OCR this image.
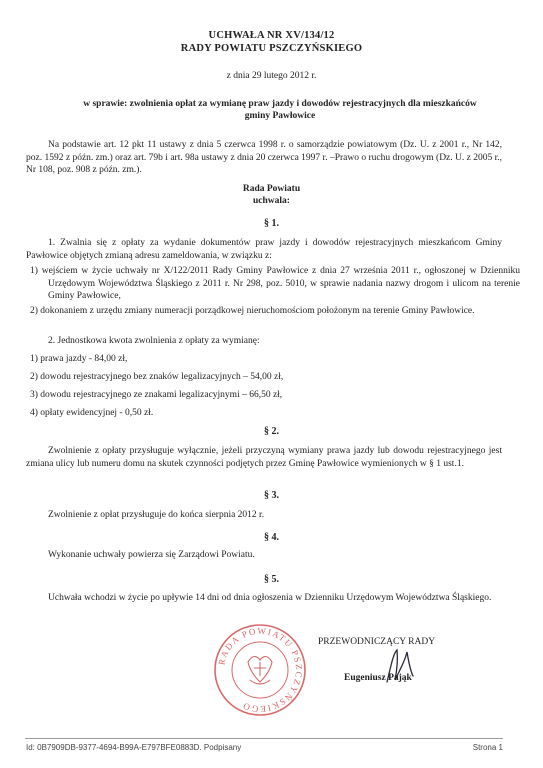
UCHWAŁA NR XV/134/12
RADY POWIATU PSZCZYŃSKIEGO
z dnia 29 lutego 2012 r.
w sprawie: zwolnienia opłat za wymianę praw jazdy i dowodów rejestracyjnych dla mieszkańców gminy Pawłowice
Na podstawie art. 12 pkt 11 ustawy z dnia 5 czerwca 1998 r. o samorządzie powiatowym (Dz. U. z 2001 r., Nr 142, poz. 1592 z późn. zm.) oraz art. 79b i art. 98a ustawy z dnia 20 czerwca 1997 r. –Prawo o ruchu drogowym (Dz. U. z 2005 r., Nr 108, poz. 908 z późn. zm.).
Rada Powiatu
uchwala:
§ 1.
1. Zwalnia się z opłaty za wydanie dokumentów praw jazdy i dowodów rejestracyjnych mieszkańcom Gminy Pawłowice objętych zmianą adresu zameldowania, w związku z:
1) wejściem w życie uchwały nr X/122/2011 Rady Gminy Pawłowice z dnia 27 września 2011 r., ogłoszonej w Dzienniku Urzędowym Województwa Śląskiego z 2011 r. Nr 298, poz. 5010, w sprawie nadania nazwy drogom i ulicom na terenie Gminy Pawłowice,
2) dokonaniem z urzędu zmiany numeracji porządkowej nieruchomościom położonym na terenie Gminy Pawłowice.
2. Jednostkowa kwota zwolnienia z opłaty za wymianę:
1) prawa jazdy - 84,00 zł,
2) dowodu rejestracyjnego bez znaków legalizacyjnych – 54,00 zł,
3) dowodu rejestracyjnego ze znakami legalizacyjnymi – 66,50 zł,
4) opłaty ewidencyjnej - 0,50 zł.
§ 2.
Zwolnienie z opłaty przysługuje wyłącznie, jeżeli przyczyną wymiany prawa jazdy lub dowodu rejestracyjnego jest zmiana ulicy lub numeru domu na skutek czynności podjętych przez Gminę Pawłowice wymienionych w § 1 ust.1.
§ 3.
Zwolnienie z opłat przysługuje do końca sierpnia 2012 r.
§ 4.
Wykonanie uchwały powierza się Zarządowi Powiatu.
§ 5.
Uchwała wchodzi w życie po upływie 14 dni od dnia ogłoszenia w Dzienniku Urzędowym Województwa Śląskiego.
RADA POWIATU PSZCZYŃSKIEGO
PRZEWODNICZĄCY RADY
Eugeniusz Pająk
Id: 0B7909DB-9377-4694-B99A-E797BFE0883D. Podpisany	Strona 1
